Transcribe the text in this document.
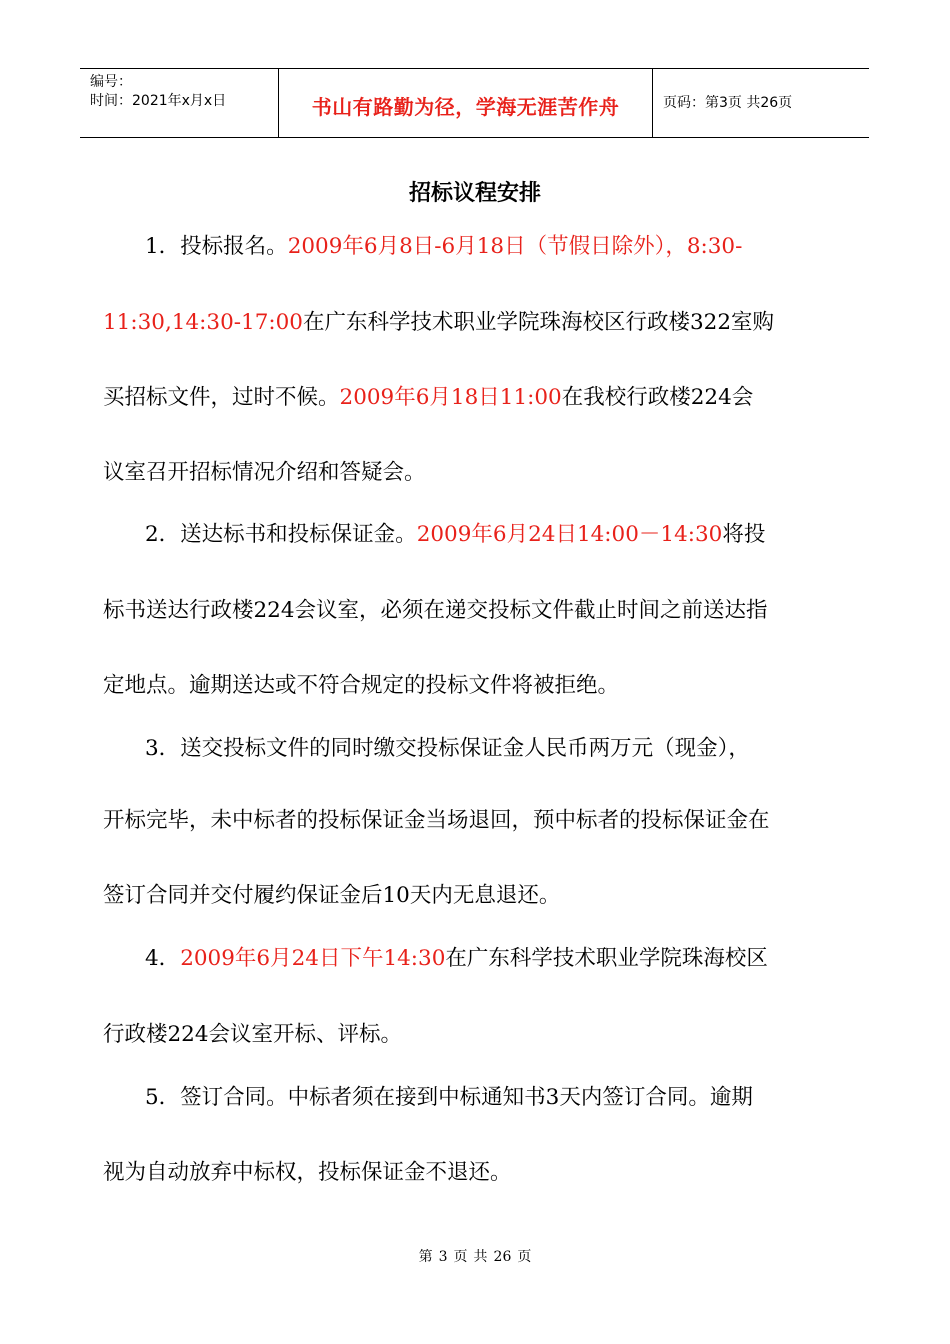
编号：
时间：2021年x月x日	书山有路勤为径，学海无涯苦作舟	页码：第3页 共26页
招标议程安排
1．投标报名。2009年6月8日-6月18日（节假日除外），8:30-
11:30,14:30-17:00在广东科学技术职业学院珠海校区行政楼322室购
买招标文件，过时不候。2009年6月18日11:00在我校行政楼224会
议室召开招标情况介绍和答疑会。
2．送达标书和投标保证金。2009年6月24日14:00－14:30将投
标书送达行政楼224会议室，必须在递交投标文件截止时间之前送达指
定地点。逾期送达或不符合规定的投标文件将被拒绝。
3．送交投标文件的同时缴交投标保证金人民币两万元（现金），
开标完毕，未中标者的投标保证金当场退回，预中标者的投标保证金在
签订合同并交付履约保证金后10天内无息退还。
4．2009年6月24日下午14:30在广东科学技术职业学院珠海校区
行政楼224会议室开标、评标。
5．签订合同。中标者须在接到中标通知书3天内签订合同。逾期
视为自动放弃中标权，投标保证金不退还。
第 3 页 共 26 页
